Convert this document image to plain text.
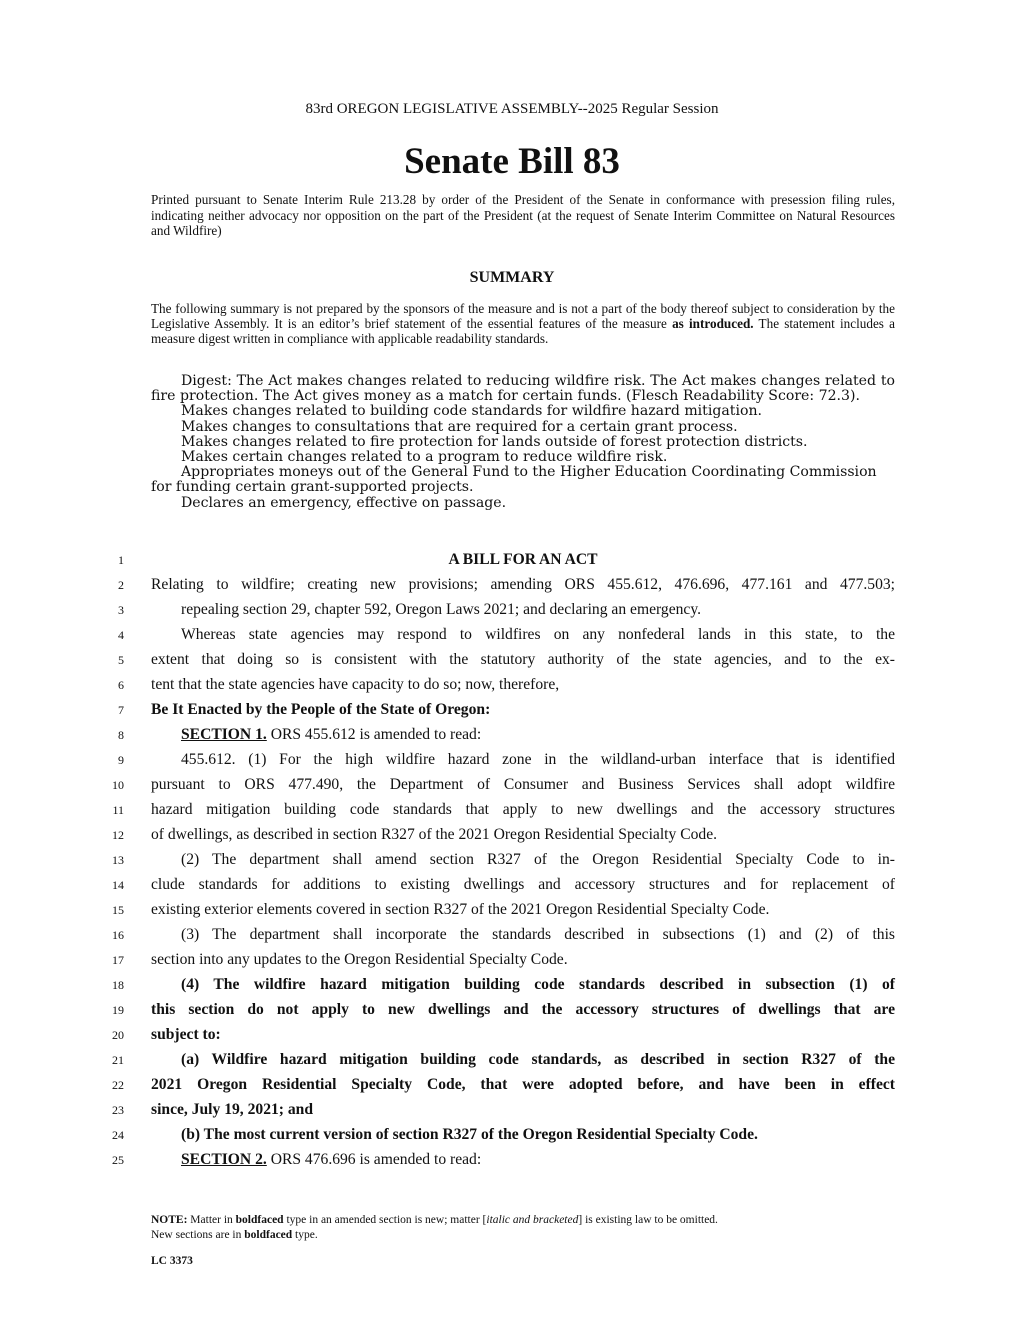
83rd OREGON LEGISLATIVE ASSEMBLY--2025 Regular Session
Senate Bill 83
Printed pursuant to Senate Interim Rule 213.28 by order of the President of the Senate in conformance with presession filing rules, indicating neither advocacy nor opposition on the part of the President (at the request of Senate Interim Committee on Natural Resources and Wildfire)
SUMMARY
The following summary is not prepared by the sponsors of the measure and is not a part of the body thereof subject to consideration by the Legislative Assembly. It is an editor’s brief statement of the essential features of the measure as introduced. The statement includes a measure digest written in compliance with applicable readability standards.

Digest: The Act makes changes related to reducing wildfire risk. The Act makes changes related to fire protection. The Act gives money as a match for certain funds. (Flesch Readability Score: 72.3).

Makes changes related to building code standards for wildfire hazard mitigation.

Makes changes to consultations that are required for a certain grant process.

Makes changes related to fire protection for lands outside of forest protection districts.

Makes certain changes related to a program to reduce wildfire risk.

Appropriates moneys out of the General Fund to the Higher Education Coordinating Commission for funding certain grant-supported projects.

Declares an emergency, effective on passage.

1	A BILL FOR AN ACT
2 Relating to wildfire; creating new provisions; amending ORS 455.612, 476.696, 477.161 and 477.503;
3	repealing section 29, chapter 592, Oregon Laws 2021; and declaring an emergency.
4	Whereas state agencies may respond to wildfires on any nonfederal lands in this state, to the
5 extent that doing so is consistent with the statutory authority of the state agencies, and to the ex-
6 tent that the state agencies have capacity to do so; now, therefore,
7 Be It Enacted by the People of the State of Oregon:
8	SECTION 1. ORS 455.612 is amended to read:
9	455.612. (1) For the high wildfire hazard zone in the wildland-urban interface that is identified
10 pursuant to ORS 477.490, the Department of Consumer and Business Services shall adopt wildfire
11 hazard mitigation building code standards that apply to new dwellings and the accessory structures
12 of dwellings, as described in section R327 of the 2021 Oregon Residential Specialty Code.
13	(2) The department shall amend section R327 of the Oregon Residential Specialty Code to in-
14 clude standards for additions to existing dwellings and accessory structures and for replacement of
15 existing exterior elements covered in section R327 of the 2021 Oregon Residential Specialty Code.
16	(3) The department shall incorporate the standards described in subsections (1) and (2) of this
17 section into any updates to the Oregon Residential Specialty Code.
18	(4) The wildfire hazard mitigation building code standards described in subsection (1) of
19 this section do not apply to new dwellings and the accessory structures of dwellings that are
20 subject to:
21	(a) Wildfire hazard mitigation building code standards, as described in section R327 of the
22 2021 Oregon Residential Specialty Code, that were adopted before, and have been in effect
23 since, July 19, 2021; and
24	(b) The most current version of section R327 of the Oregon Residential Specialty Code.
25	SECTION 2. ORS 476.696 is amended to read:
NOTE: Matter in boldfaced type in an amended section is new; matter [italic and bracketed] is existing law to be omitted.
New sections are in boldfaced type.
LC 3373
